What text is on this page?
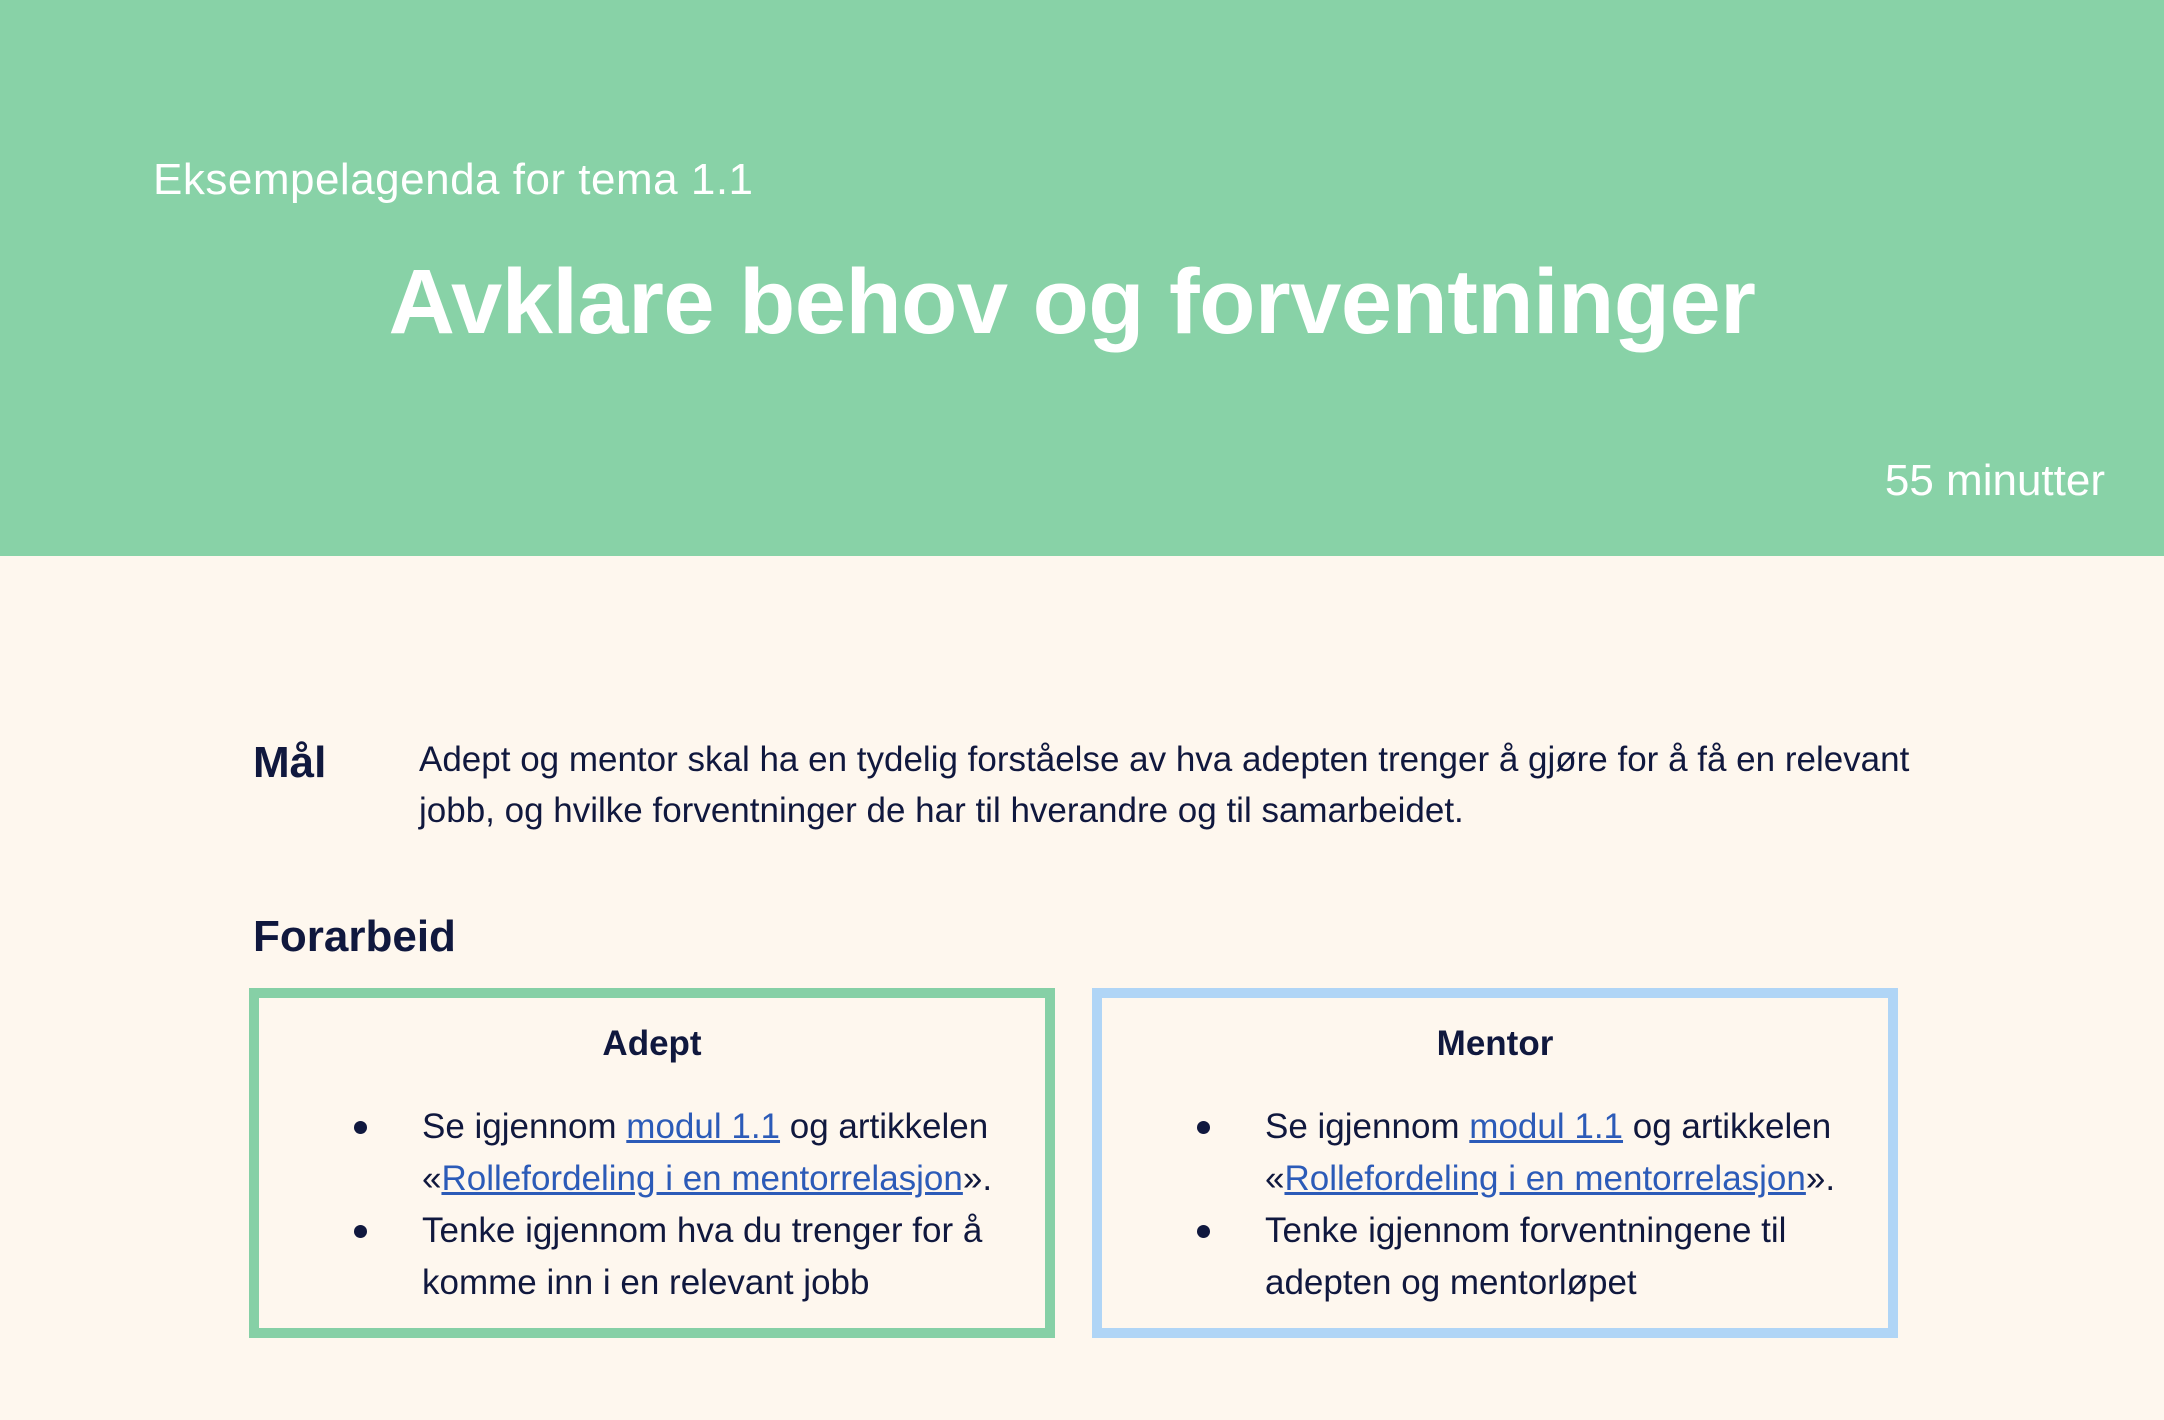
Eksempelagenda for tema 1.1
Avklare behov og forventninger
55 minutter
Mål	Adept og mentor skal ha en tydelig forståelse av hva adepten trenger å gjøre for å få en relevant jobb, og hvilke forventninger de har til hverandre og til samarbeidet.
Forarbeid
Adept
Se igjennom modul 1.1 og artikkelen «Rollefordeling i en mentorrelasjon».
Tenke igjennom hva du trenger for å komme inn i en relevant jobb
Mentor
Se igjennom modul 1.1 og artikkelen «Rollefordeling i en mentorrelasjon».
Tenke igjennom forventningene til adepten og mentorløpet
